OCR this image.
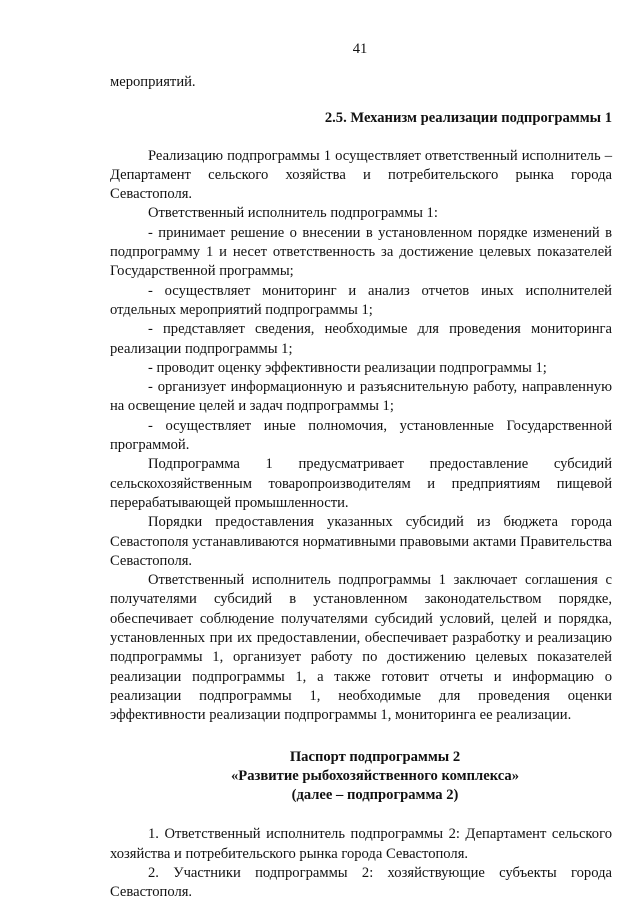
41

мероприятий.

2.5. Механизм реализации подпрограммы 1

Реализацию подпрограммы 1 осуществляет ответственный исполнитель – Департамент сельского хозяйства и потребительского рынка города Севастополя.

Ответственный исполнитель подпрограммы 1:

- принимает решение о внесении в установленном порядке изменений в подпрограмму 1 и несет ответственность за достижение целевых показателей Государственной программы;

- осуществляет мониторинг и анализ отчетов иных исполнителей отдельных мероприятий подпрограммы 1;

- представляет сведения, необходимые для проведения мониторинга реализации подпрограммы 1;

- проводит оценку эффективности реализации подпрограммы 1;

- организует информационную и разъяснительную работу, направленную на освещение целей и задач подпрограммы 1;

- осуществляет иные полномочия, установленные Государственной программой.

Подпрограмма 1 предусматривает предоставление субсидий сельскохозяйственным товаропроизводителям и предприятиям пищевой перерабатывающей промышленности.

Порядки предоставления указанных субсидий из бюджета города Севастополя устанавливаются нормативными правовыми актами Правительства Севастополя.

Ответственный исполнитель подпрограммы 1 заключает соглашения с получателями субсидий в установленном законодательством порядке, обеспечивает соблюдение получателями субсидий условий, целей и порядка, установленных при их предоставлении, обеспечивает разработку и реализацию подпрограммы 1, организует работу по достижению целевых показателей реализации подпрограммы 1, а также готовит отчеты и информацию о реализации подпрограммы 1, необходимые для проведения оценки эффективности реализации подпрограммы 1, мониторинга ее реализации.

Паспорт подпрограммы 2
«Развитие рыбохозяйственного комплекса»
(далее – подпрограмма 2)

1. Ответственный исполнитель подпрограммы 2: Департамент сельского хозяйства и потребительского рынка города Севастополя.

2. Участники подпрограммы 2: хозяйствующие субъекты города Севастополя.
